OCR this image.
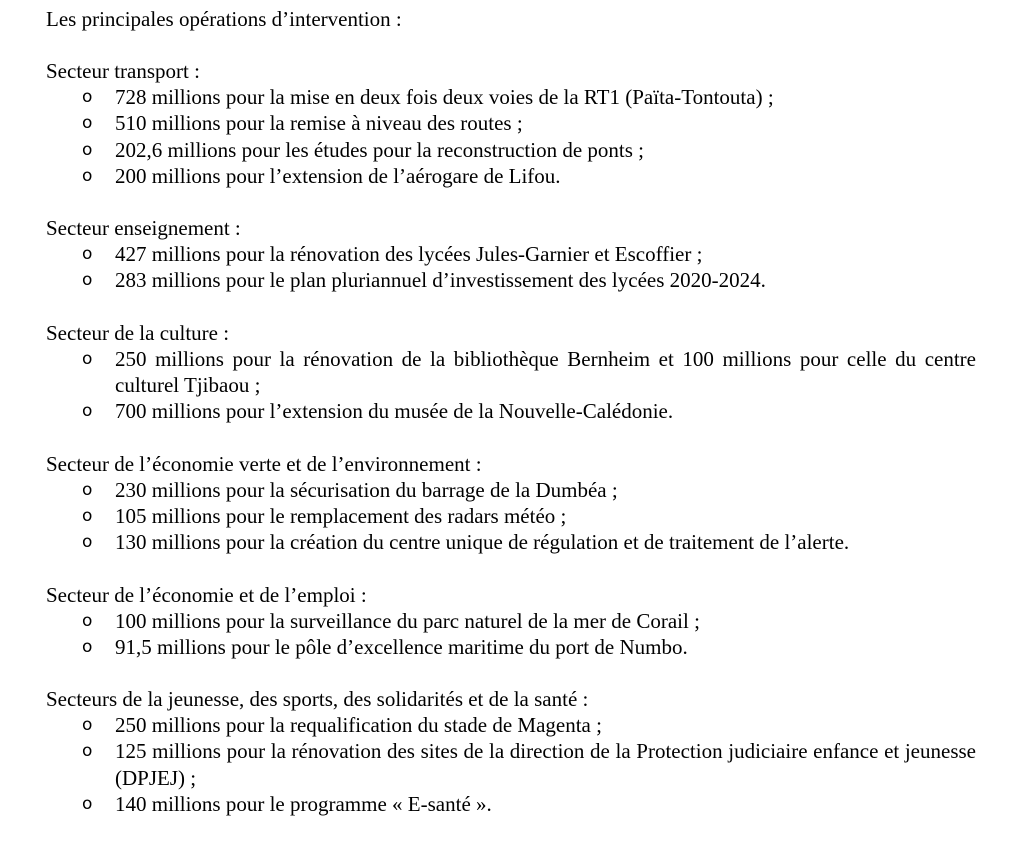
Les principales opérations d’intervention :
Secteur transport :
o 728 millions pour la mise en deux fois deux voies de la RT1 (Païta-Tontouta) ;
o 510 millions pour la remise à niveau des routes ;
o 202,6 millions pour les études pour la reconstruction de ponts ;
o 200 millions pour l’extension de l’aérogare de Lifou.
Secteur enseignement :
o 427 millions pour la rénovation des lycées Jules-Garnier et Escoffier ;
o 283 millions pour le plan pluriannuel d’investissement des lycées 2020-2024.
Secteur de la culture :
o 250 millions pour la rénovation de la bibliothèque Bernheim et 100 millions pour celle du centre culturel Tjibaou ;
o 700 millions pour l’extension du musée de la Nouvelle-Calédonie.
Secteur de l’économie verte et de l’environnement :
o 230 millions pour la sécurisation du barrage de la Dumbéa ;
o 105 millions pour le remplacement des radars météo ;
o 130 millions pour la création du centre unique de régulation et de traitement de l’alerte.
Secteur de l’économie et de l’emploi :
o 100 millions pour la surveillance du parc naturel de la mer de Corail ;
o 91,5 millions pour le pôle d’excellence maritime du port de Numbo.
Secteurs de la jeunesse, des sports, des solidarités et de la santé :
o 250 millions pour la requalification du stade de Magenta ;
o 125 millions pour la rénovation des sites de la direction de la Protection judiciaire enfance et jeunesse (DPJEJ) ;
o 140 millions pour le programme « E-santé ».
